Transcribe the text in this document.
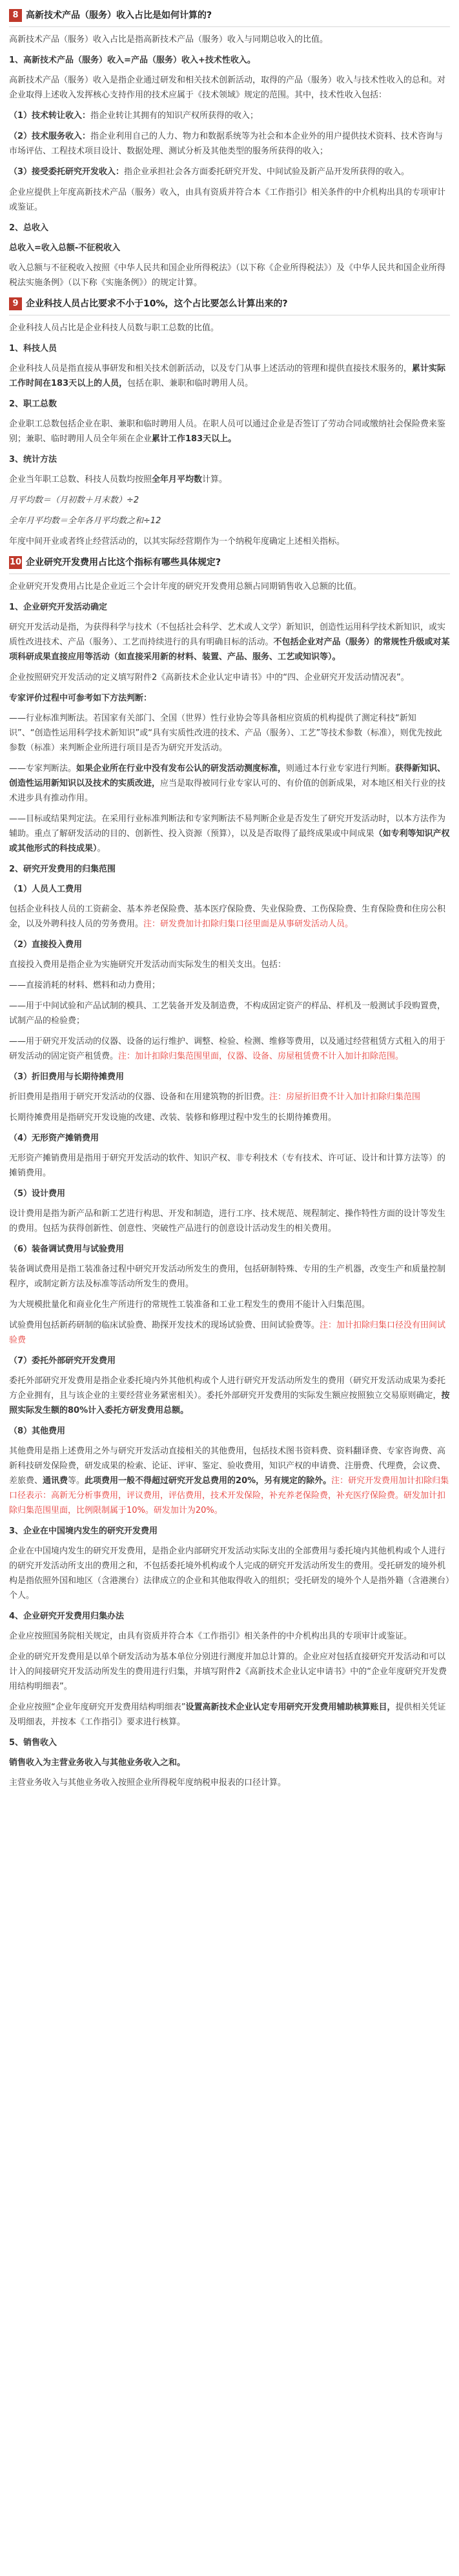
8 高新技术产品（服务）收入占比是如何计算的?
高新技术产品（服务）收入占比是指高新技术产品（服务）收入与同期总收入的比值。
1、高新技术产品（服务）收入=产品（服务）收入+技术性收入。
高新技术产品（服务）收入是指企业通过研发和相关技术创新活动，取得的产品（服务）收入与技术性收入的总和。对企业取得上述收入发挥核心支持作用的技术应属于《技术领域》规定的范围。其中，技术性收入包括：
（1）技术转让收入：指企业转让其拥有的知识产权所获得的收入；
（2）技术服务收入：指企业利用自己的人力、物力和数据系统等为社会和本企业外的用户提供技术资料、技术咨询与市场评估、工程技术项目设计、数据处理、测试分析及其他类型的服务所获得的收入；
（3）接受委托研究开发收入：指企业承担社会各方面委托研究开发、中间试验及新产品开发所获得的收入。
企业应提供上年度高新技术产品（服务）收入，由具有资质并符合本《工作指引》相关条件的中介机构出具的专项审计或鉴证。
2、总收入
总收入=收入总额-不征税收入
收入总额与不征税收入按照《中华人民共和国企业所得税法》（以下称《企业所得税法》）及《中华人民共和国企业所得税法实施条例》（以下称《实施条例》）的规定计算。
9 企业科技人员占比要求不小于10%，这个占比要怎么计算出来的?
企业科技人员占比是企业科技人员数与职工总数的比值。
1、科技人员
企业科技人员是指直接从事研发和相关技术创新活动，以及专门从事上述活动的管理和提供直接技术服务的，累计实际工作时间在183天以上的人员，包括在职、兼职和临时聘用人员。
2、职工总数
企业职工总数包括企业在职、兼职和临时聘用人员。在职人员可以通过企业是否签订了劳动合同或缴纳社会保险费来鉴别；兼职、临时聘用人员全年须在企业累计工作183天以上。
3、统计方法
企业当年职工总数、科技人员数均按照全年月平均数计算。
月平均数＝（月初数＋月末数）÷2
全年月平均数＝全年各月平均数之和÷12
年度中间开业或者终止经营活动的，以其实际经营期作为一个纳税年度确定上述相关指标。
10 企业研究开发费用占比这个指标有哪些具体规定?
企业研究开发费用占比是企业近三个会计年度的研究开发费用总额占同期销售收入总额的比值。
1、企业研究开发活动确定
研究开发活动是指，为获得科学与技术（不包括社会科学、艺术或人文学）新知识，创造性运用科学技术新知识，或实质性改进技术、产品（服务）、工艺而持续进行的具有明确目标的活动。不包括企业对产品（服务）的常规性升级或对某项科研成果直接应用等活动（如直接采用新的材料、装置、产品、服务、工艺或知识等）。
企业按照研究开发活动的定义填写附件2《高新技术企业认定申请书》中的“四、企业研究开发活动情况表”。
专家评价过程中可参考如下方法判断：
——行业标准判断法。若国家有关部门、全国（世界）性行业协会等具备相应资质的机构提供了测定科技“新知识”、“创造性运用科学技术新知识”或“具有实质性改进的技术、产品（服务）、工艺”等技术参数（标准），则优先按此参数（标准）来判断企业所进行项目是否为研究开发活动。
——专家判断法。如果企业所在行业中没有发布公认的研发活动测度标准，则通过本行业专家进行判断。获得新知识、创造性运用新知识以及技术的实质改进，应当是取得被同行业专家认可的、有价值的创新成果，对本地区相关行业的技术进步具有推动作用。
——目标或结果判定法。在采用行业标准判断法和专家判断法不易判断企业是否发生了研究开发活动时，以本方法作为辅助。重点了解研发活动的目的、创新性、投入资源（预算），以及是否取得了最终成果或中间成果（如专利等知识产权或其他形式的科技成果）。
2、研究开发费用的归集范围
（1）人员人工费用
包括企业科技人员的工资薪金、基本养老保险费、基本医疗保险费、失业保险费、工伤保险费、生育保险费和住房公积金，以及外聘科技人员的劳务费用。注：研发费加计扣除归集口径里面是从事研发活动人员。
（2）直接投入费用
直接投入费用是指企业为实施研究开发活动而实际发生的相关支出。包括：
——直接消耗的材料、燃料和动力费用；
——用于中间试验和产品试制的模具、工艺装备开发及制造费，不构成固定资产的样品、样机及一般测试手段购置费，试制产品的检验费；
——用于研究开发活动的仪器、设备的运行维护、调整、检验、检测、维修等费用，以及通过经营租赁方式租入的用于研发活动的固定资产租赁费。注：加计扣除归集范围里面，仪器、设备、房屋租赁费不计入加计扣除范围。
（3）折旧费用与长期待摊费用
折旧费用是指用于研究开发活动的仪器、设备和在用建筑物的折旧费。注：房屋折旧费不计入加计扣除归集范围
长期待摊费用是指研究开发设施的改建、改装、装修和修理过程中发生的长期待摊费用。
（4）无形资产摊销费用
无形资产摊销费用是指用于研究开发活动的软件、知识产权、非专利技术（专有技术、许可证、设计和计算方法等）的摊销费用。
（5）设计费用
设计费用是指为新产品和新工艺进行构思、开发和制造，进行工序、技术规范、规程制定、操作特性方面的设计等发生的费用。包括为获得创新性、创意性、突破性产品进行的创意设计活动发生的相关费用。
（6）装备调试费用与试验费用
装备调试费用是指工装准备过程中研究开发活动所发生的费用，包括研制特殊、专用的生产机器，改变生产和质量控制程序，或制定新方法及标准等活动所发生的费用。
为大规模批量化和商业化生产所进行的常规性工装准备和工业工程发生的费用不能计入归集范围。
试验费用包括新药研制的临床试验费、勘探开发技术的现场试验费、田间试验费等。注：加计扣除归集口径没有田间试验费
（7）委托外部研究开发费用
委托外部研究开发费用是指企业委托境内外其他机构或个人进行研究开发活动所发生的费用（研究开发活动成果为委托方企业拥有，且与该企业的主要经营业务紧密相关）。委托外部研究开发费用的实际发生额应按照独立交易原则确定，按照实际发生额的80%计入委托方研发费用总额。
（8）其他费用
其他费用是指上述费用之外与研究开发活动直接相关的其他费用，包括技术图书资料费、资料翻译费、专家咨询费、高新科技研发保险费，研发成果的检索、论证、评审、鉴定、验收费用，知识产权的申请费、注册费、代理费，会议费、差旅费、通讯费等。此项费用一般不得超过研究开发总费用的20%，另有规定的除外。注：研究开发费用加计扣除归集口径表示：高新无分析事费用，评议费用，评估费用，技术开发保险，补充养老保险费，补充医疗保险费。研发加计扣除归集范围里面，比例限制属于10%。研发加计为20%。
3、企业在中国境内发生的研究开发费用
企业在中国境内发生的研究开发费用，是指企业内部研究开发活动实际支出的全部费用与委托境内其他机构或个人进行的研究开发活动所支出的费用之和，不包括委托境外机构或个人完成的研究开发活动所发生的费用。受托研发的境外机构是指依照外国和地区（含港澳台）法律成立的企业和其他取得收入的组织；受托研发的境外个人是指外籍（含港澳台）个人。
4、企业研究开发费用归集办法
企业应按照国务院相关规定，由具有资质并符合本《工作指引》相关条件的中介机构出具的专项审计或鉴证。
企业的研究开发费用是以单个研发活动为基本单位分别进行测度并加总计算的。企业应对包括直接研究开发活动和可以计入的间接研究开发活动所发生的费用进行归集，并填写附件2《高新技术企业认定申请书》中的“企业年度研究开发费用结构明细表”。
企业应按照“企业年度研究开发费用结构明细表”设置高新技术企业认定专用研究开发费用辅助核算账目，提供相关凭证及明细表，并按本《工作指引》要求进行核算。
5、销售收入
销售收入为主营业务收入与其他业务收入之和。
主营业务收入与其他业务收入按照企业所得税年度纳税申报表的口径计算。
